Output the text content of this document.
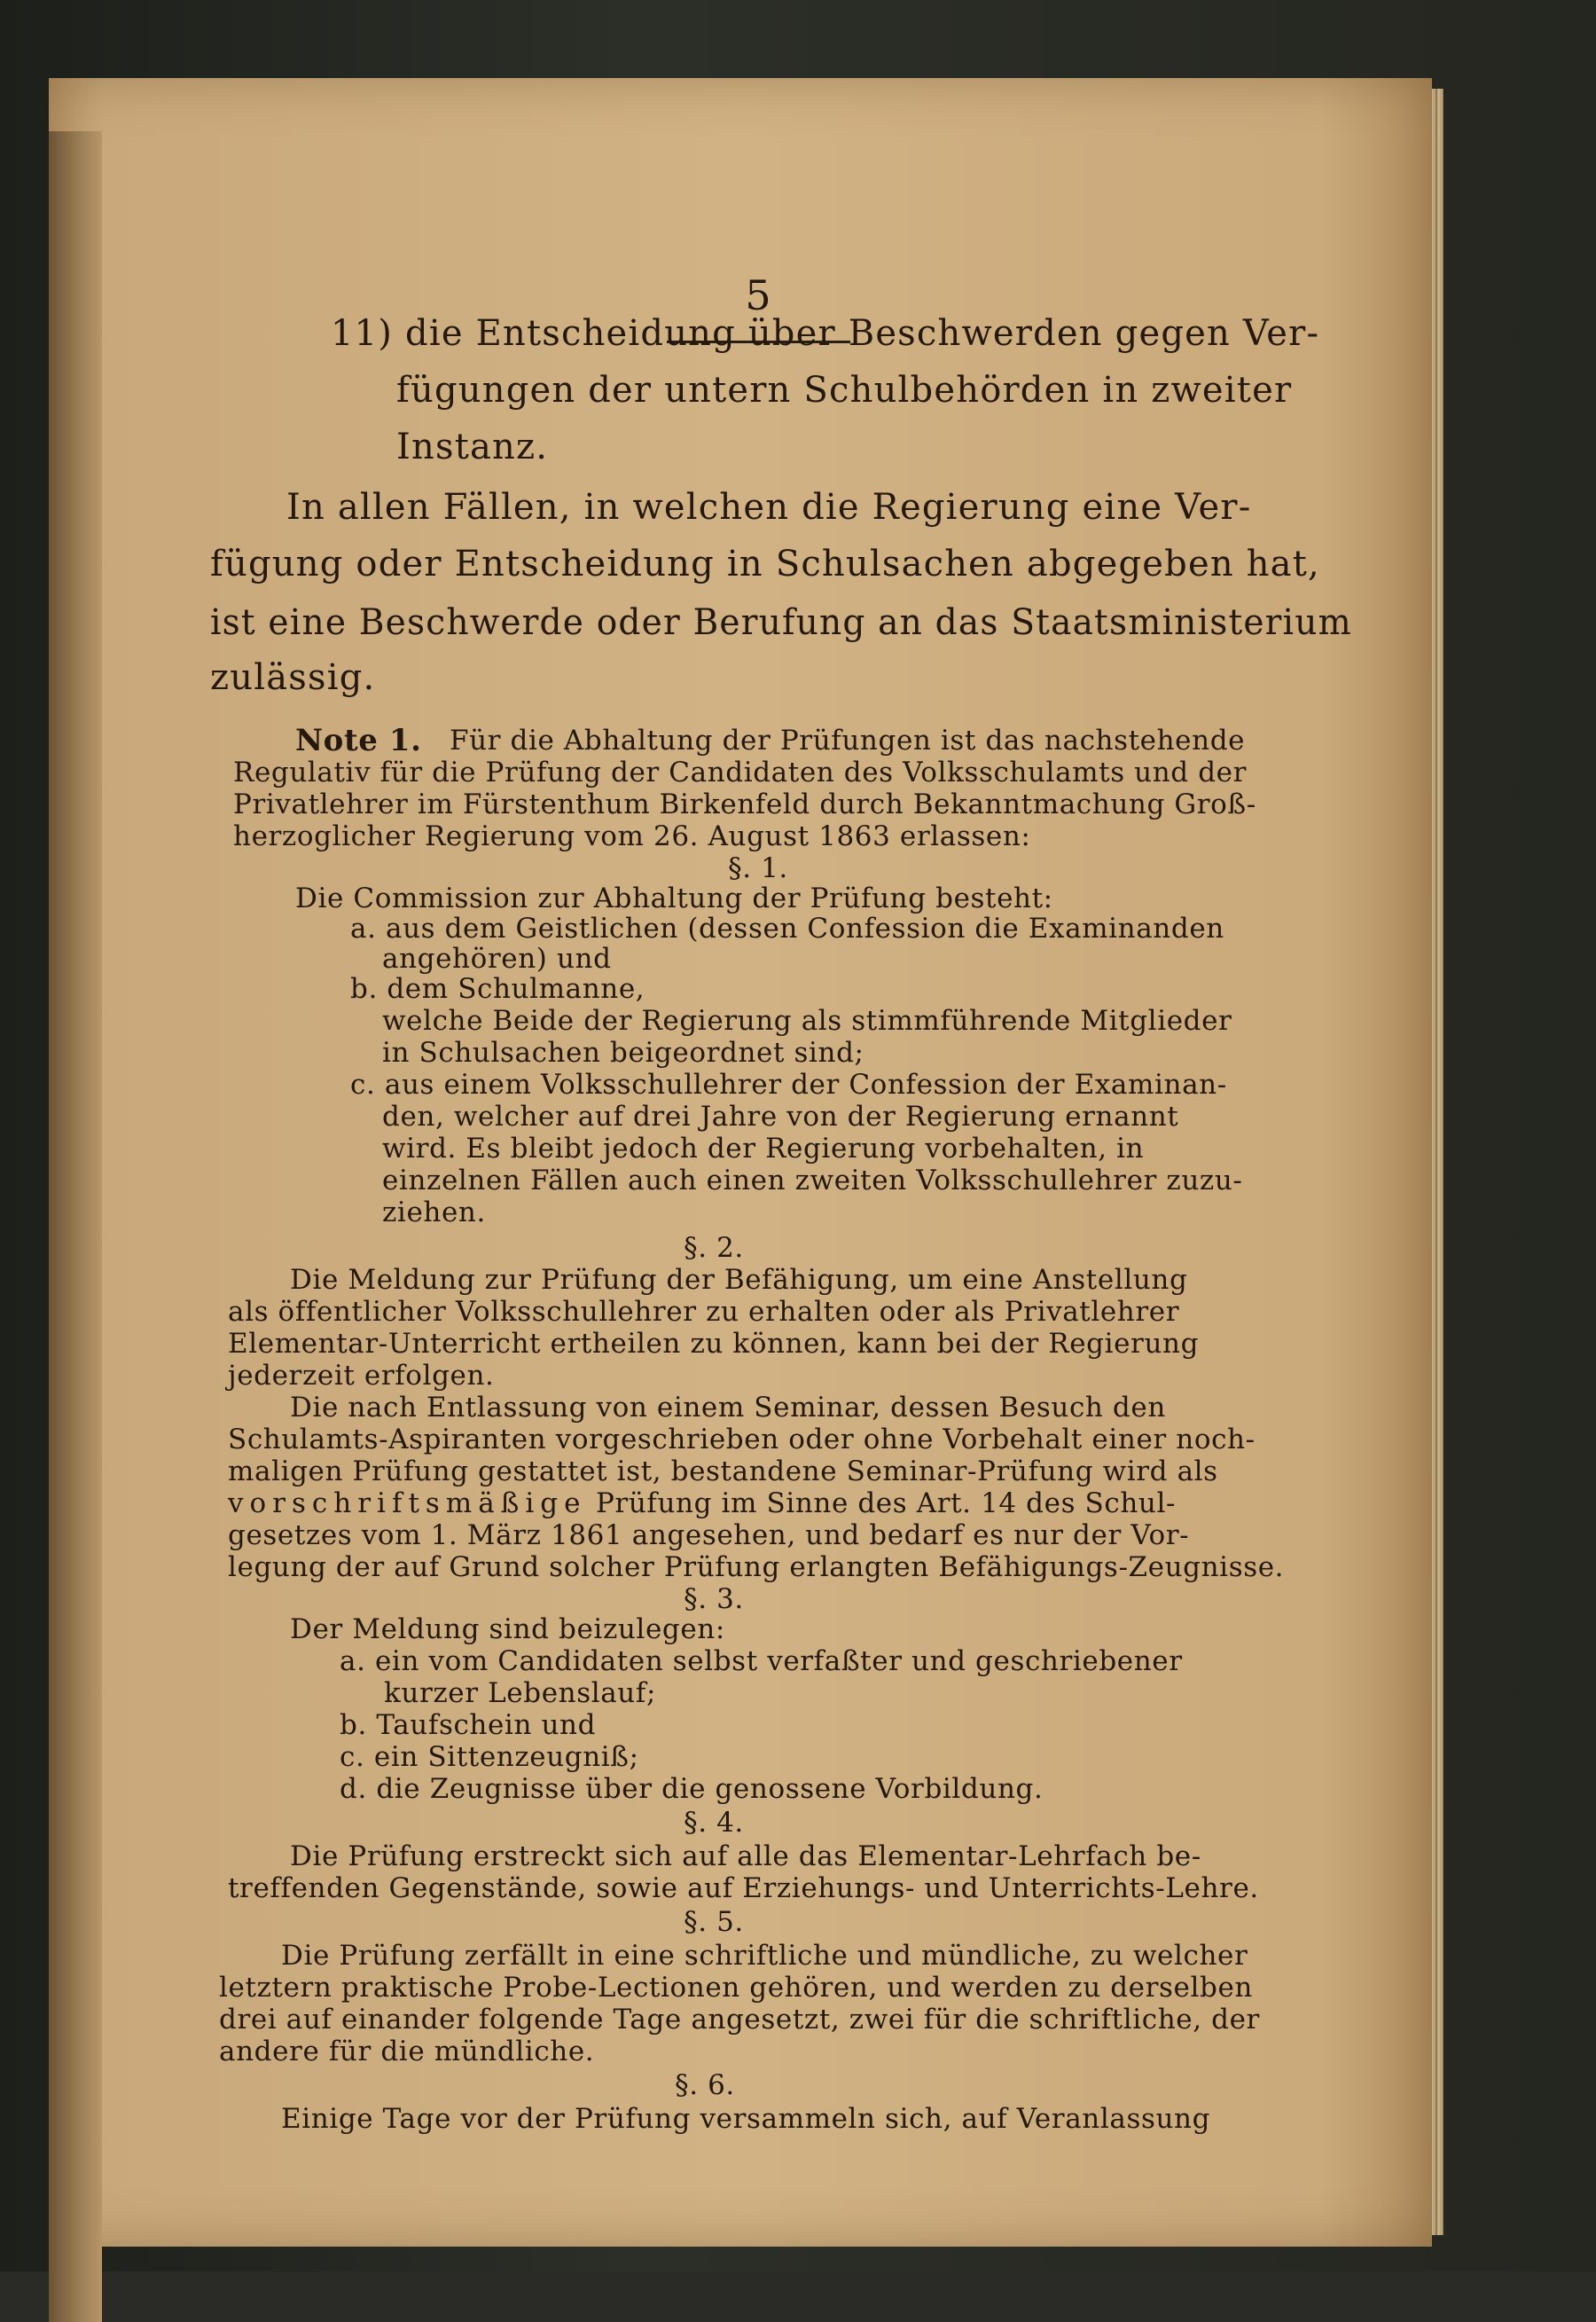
5

11) die Entscheidung über Beschwerden gegen Ver-

fügungen der untern Schulbehörden in zweiter

Instanz.

In allen Fällen, in welchen die Regierung eine Ver-

fügung oder Entscheidung in Schulsachen abgegeben hat,

ist eine Beschwerde oder Berufung an das Staatsministerium

zulässig.

Note 1. Für die Abhaltung der Prüfungen ist das nachstehende

Regulativ für die Prüfung der Candidaten des Volksschulamts und der

Privatlehrer im Fürstenthum Birkenfeld durch Bekanntmachung Groß-

herzoglicher Regierung vom 26. August 1863 erlassen:

§. 1.

Die Commission zur Abhaltung der Prüfung besteht:

a. aus dem Geistlichen (dessen Confession die Examinanden

angehören) und

b. dem Schulmanne,

welche Beide der Regierung als stimmführende Mitglieder

in Schulsachen beigeordnet sind;

c. aus einem Volksschullehrer der Confession der Examinan-

den, welcher auf drei Jahre von der Regierung ernannt

wird. Es bleibt jedoch der Regierung vorbehalten, in

einzelnen Fällen auch einen zweiten Volksschullehrer zuzu-

ziehen.

§. 2.

Die Meldung zur Prüfung der Befähigung, um eine Anstellung

als öffentlicher Volksschullehrer zu erhalten oder als Privatlehrer

Elementar-Unterricht ertheilen zu können, kann bei der Regierung

jederzeit erfolgen.

Die nach Entlassung von einem Seminar, dessen Besuch den

Schulamts-Aspiranten vorgeschrieben oder ohne Vorbehalt einer noch-

maligen Prüfung gestattet ist, bestandene Seminar-Prüfung wird als

vorschriftsmäßige Prüfung im Sinne des Art. 14 des Schul-

gesetzes vom 1. März 1861 angesehen, und bedarf es nur der Vor-

legung der auf Grund solcher Prüfung erlangten Befähigungs-Zeugnisse.

§. 3.

Der Meldung sind beizulegen:

a. ein vom Candidaten selbst verfaßter und geschriebener

kurzer Lebenslauf;

b. Taufschein und

c. ein Sittenzeugniß;

d. die Zeugnisse über die genossene Vorbildung.

§. 4.

Die Prüfung erstreckt sich auf alle das Elementar-Lehrfach be-

treffenden Gegenstände, sowie auf Erziehungs- und Unterrichts-Lehre.

§. 5.

Die Prüfung zerfällt in eine schriftliche und mündliche, zu welcher

letztern praktische Probe-Lectionen gehören, und werden zu derselben

drei auf einander folgende Tage angesetzt, zwei für die schriftliche, der

andere für die mündliche.

§. 6.

Einige Tage vor der Prüfung versammeln sich, auf Veranlassung
